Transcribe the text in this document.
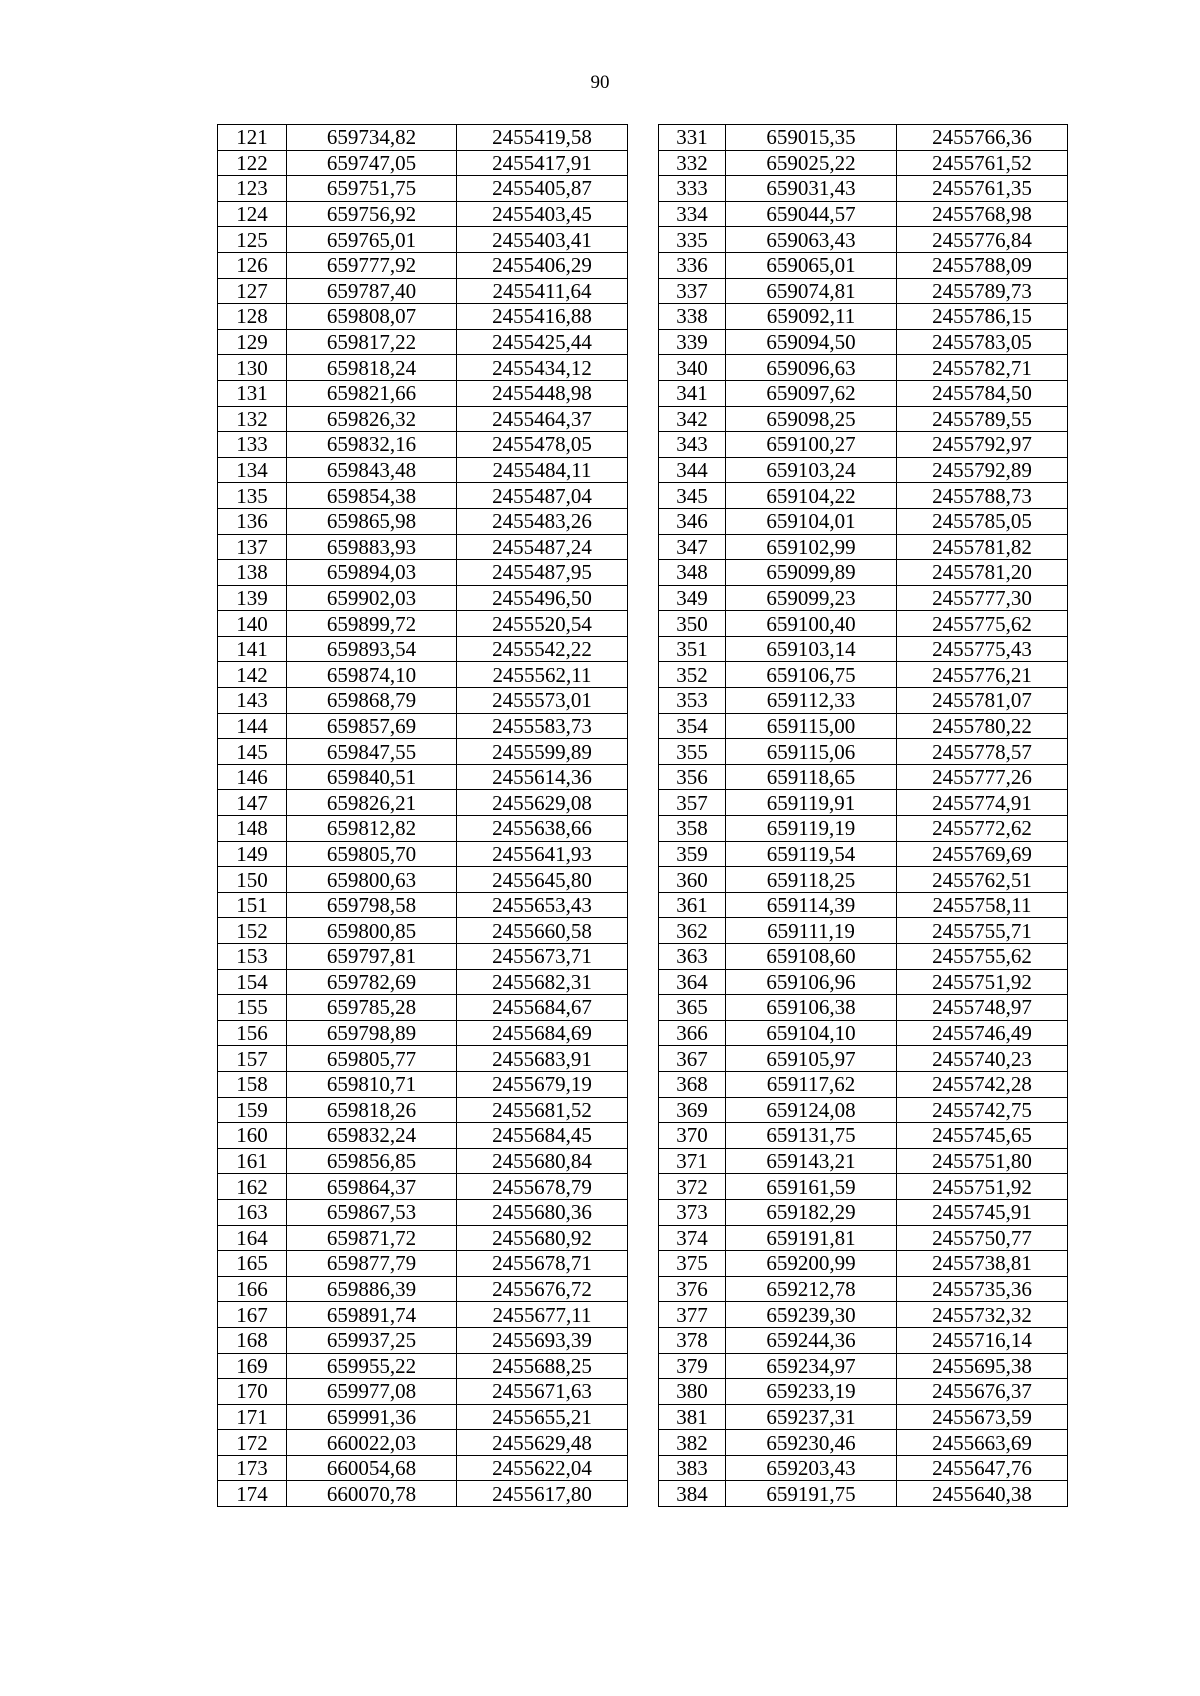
90
121	659734,82	2455419,58		331	659015,35	2455766,36
122	659747,05	2455417,91		332	659025,22	2455761,52
123	659751,75	2455405,87		333	659031,43	2455761,35
124	659756,92	2455403,45		334	659044,57	2455768,98
125	659765,01	2455403,41		335	659063,43	2455776,84
126	659777,92	2455406,29		336	659065,01	2455788,09
127	659787,40	2455411,64		337	659074,81	2455789,73
128	659808,07	2455416,88		338	659092,11	2455786,15
129	659817,22	2455425,44		339	659094,50	2455783,05
130	659818,24	2455434,12		340	659096,63	2455782,71
131	659821,66	2455448,98		341	659097,62	2455784,50
132	659826,32	2455464,37		342	659098,25	2455789,55
133	659832,16	2455478,05		343	659100,27	2455792,97
134	659843,48	2455484,11		344	659103,24	2455792,89
135	659854,38	2455487,04		345	659104,22	2455788,73
136	659865,98	2455483,26		346	659104,01	2455785,05
137	659883,93	2455487,24		347	659102,99	2455781,82
138	659894,03	2455487,95		348	659099,89	2455781,20
139	659902,03	2455496,50		349	659099,23	2455777,30
140	659899,72	2455520,54		350	659100,40	2455775,62
141	659893,54	2455542,22		351	659103,14	2455775,43
142	659874,10	2455562,11		352	659106,75	2455776,21
143	659868,79	2455573,01		353	659112,33	2455781,07
144	659857,69	2455583,73		354	659115,00	2455780,22
145	659847,55	2455599,89		355	659115,06	2455778,57
146	659840,51	2455614,36		356	659118,65	2455777,26
147	659826,21	2455629,08		357	659119,91	2455774,91
148	659812,82	2455638,66		358	659119,19	2455772,62
149	659805,70	2455641,93		359	659119,54	2455769,69
150	659800,63	2455645,80		360	659118,25	2455762,51
151	659798,58	2455653,43		361	659114,39	2455758,11
152	659800,85	2455660,58		362	659111,19	2455755,71
153	659797,81	2455673,71		363	659108,60	2455755,62
154	659782,69	2455682,31		364	659106,96	2455751,92
155	659785,28	2455684,67		365	659106,38	2455748,97
156	659798,89	2455684,69		366	659104,10	2455746,49
157	659805,77	2455683,91		367	659105,97	2455740,23
158	659810,71	2455679,19		368	659117,62	2455742,28
159	659818,26	2455681,52		369	659124,08	2455742,75
160	659832,24	2455684,45		370	659131,75	2455745,65
161	659856,85	2455680,84		371	659143,21	2455751,80
162	659864,37	2455678,79		372	659161,59	2455751,92
163	659867,53	2455680,36		373	659182,29	2455745,91
164	659871,72	2455680,92		374	659191,81	2455750,77
165	659877,79	2455678,71		375	659200,99	2455738,81
166	659886,39	2455676,72		376	659212,78	2455735,36
167	659891,74	2455677,11		377	659239,30	2455732,32
168	659937,25	2455693,39		378	659244,36	2455716,14
169	659955,22	2455688,25		379	659234,97	2455695,38
170	659977,08	2455671,63		380	659233,19	2455676,37
171	659991,36	2455655,21		381	659237,31	2455673,59
172	660022,03	2455629,48		382	659230,46	2455663,69
173	660054,68	2455622,04		383	659203,43	2455647,76
174	660070,78	2455617,80		384	659191,75	2455640,38
